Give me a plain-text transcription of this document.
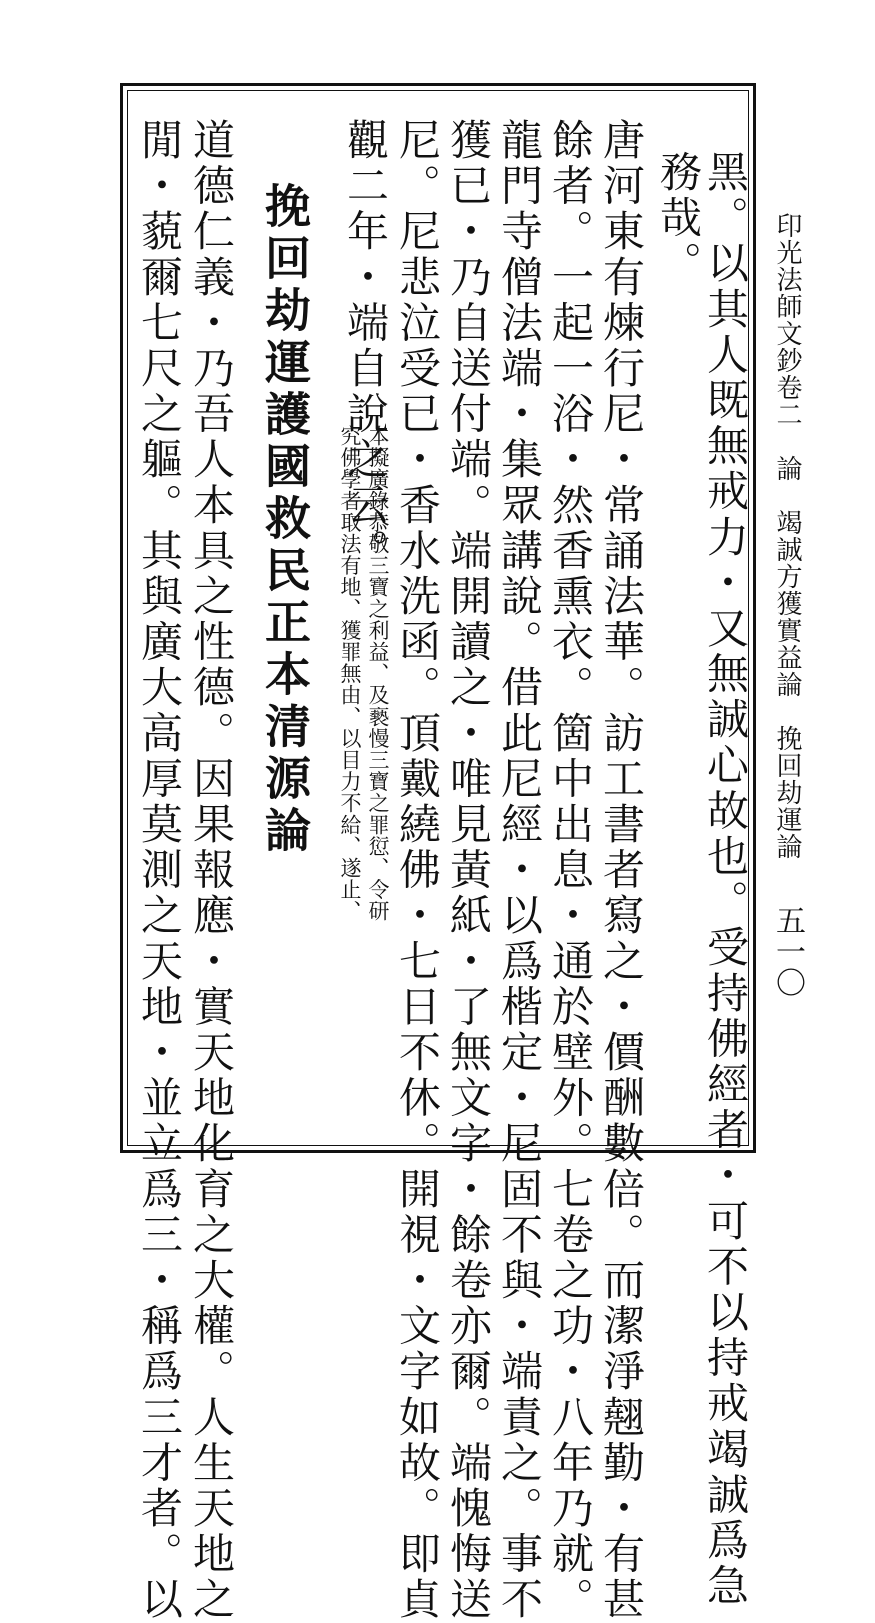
印光法師文鈔卷二　論　竭誠方獲實益論　挽回劫運論
五一〇
黑。以其人既無戒力・又無誠心故也。受持佛經者・可不以持戒竭誠爲急
務哉。
唐河東有煉行尼・常誦法華。訪工書者寫之・價酬數倍。而潔淨翹勤・有甚
餘者。一起一浴・然香熏衣。箇中出息・通於壁外。七卷之功・八年乃就。
龍門寺僧法端・集眾講說。借此尼經・以爲楷定・尼固不與・端責之。事不
獲已・乃自送付端。端開讀之・唯見黃紙・了無文字・餘卷亦爾。端愧悔送
尼。尼悲泣受已・香水洗函。頂戴繞佛・七日不休。開視・文字如故。即貞
觀二年・端自說之云。
本擬廣錄恭敬三寶之利益、及褻慢三寶之罪愆、令研
究佛學者取法有地、獲罪無由、以目力不給、遂止、
挽回劫運護國救民正本清源論
道德仁義・乃吾人本具之性德。因果報應・實天地化育之大權。人生天地之
閒・藐爾七尺之軀。其與廣大高厚莫測之天地・並立爲三・稱爲三才者。以
